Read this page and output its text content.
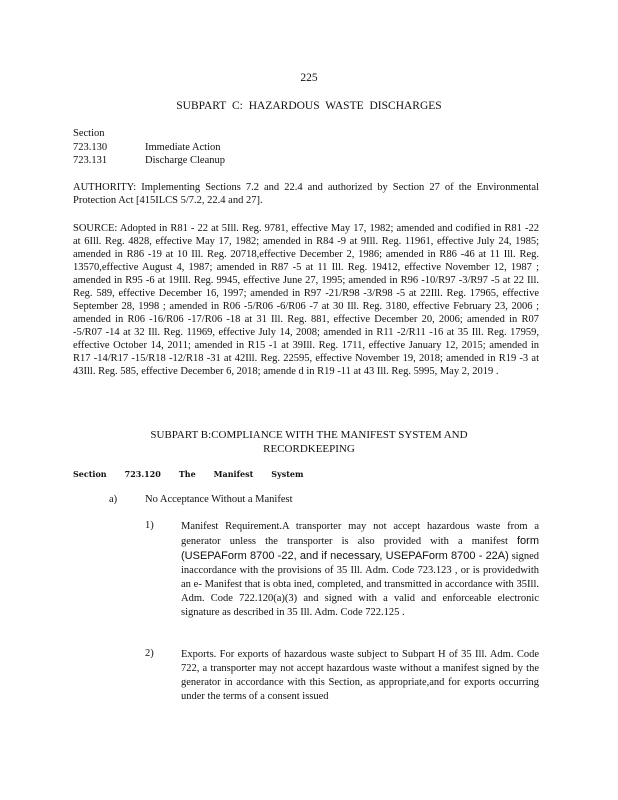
225

SUBPART C: HAZARDOUS WASTE DISCHARGES

Section

723.130	Immediate Action
723.131	Discharge Cleanup

AUTHORITY: Implementing Sections 7.2 and 22.4 and authorized by Section 27 of the Environmental Protection Act [415ILCS 5/7.2, 22.4 and 27].

SOURCE: Adopted in R81 - 22 at 5Ill. Reg. 9781, effective May 17, 1982; amended and codified in R81 -22 at 6Ill. Reg. 4828, effective May 17, 1982; amended in R84 -9 at 9Ill. Reg. 11961, effective July 24, 1985; amended in R86 -19 at 10 Ill. Reg. 20718,effective December 2, 1986; amended in R86 -46 at 11 Ill. Reg. 13570,effective August 4, 1987; amended in R87 -5 at 11 Ill. Reg. 19412, effective November 12, 1987 ; amended in R95 -6 at 19Ill. Reg. 9945, effective June 27, 1995; amended in R96 -10/R97 -3/R97 -5 at 22 Ill. Reg. 589, effective December 16, 1997; amended in R97 -21/R98 -3/R98 -5 at 22Ill. Reg. 17965, effective September 28, 1998 ; amended in R06 -5/R06 -6/R06 -7 at 30 Ill. Reg. 3180, effective February 23, 2006 ; amended in R06 -16/R06 -17/R06 -18 at 31 Ill. Reg. 881, effective December 20, 2006; amended in R07 -5/R07 -14 at 32 Ill. Reg. 11969, effective July 14, 2008; amended in R11 -2/R11 -16 at 35 Ill. Reg. 17959, effective October 14, 2011; amended in R15 -1 at 39Ill. Reg. 1711, effective January 12, 2015; amended in R17 -14/R17 -15/R18 -12/R18 -31 at 42Ill. Reg. 22595, effective November 19, 2018; amended in R19 -3 at 43Ill. Reg. 585, effective December 6, 2018; amende d in R19 -11 at 43 Ill. Reg. 5995, May 2, 2019 .

SUBPART B:COMPLIANCE WITH THE MANIFEST SYSTEM AND
RECORDKEEPING

Section 723.120 The Manifest System

a)	No Acceptance Without a Manifest

1)	Manifest Requirement.A transporter may not accept hazardous waste from a generator unless the transporter is also provided with a manifest form (USEPAForm 8700 -22, and if necessary, USEPAForm 8700 - 22A) signed inaccordance with the provisions of 35 Ill. Adm. Code 723.123 , or is providedwith an e- Manifest that is obta ined, completed, and transmitted in accordance with 35Ill. Adm. Code 722.120(a)(3) and signed with a valid and enforceable electronic signature as described in 35 Ill. Adm. Code 722.125 .

2)	Exports. For exports of hazardous waste subject to Subpart H of 35 Ill. Adm. Code 722, a transporter may not accept hazardous waste without a manifest signed by the generator in accordance with this Section, as appropriate,and for exports occurring under the terms of a consent issued
